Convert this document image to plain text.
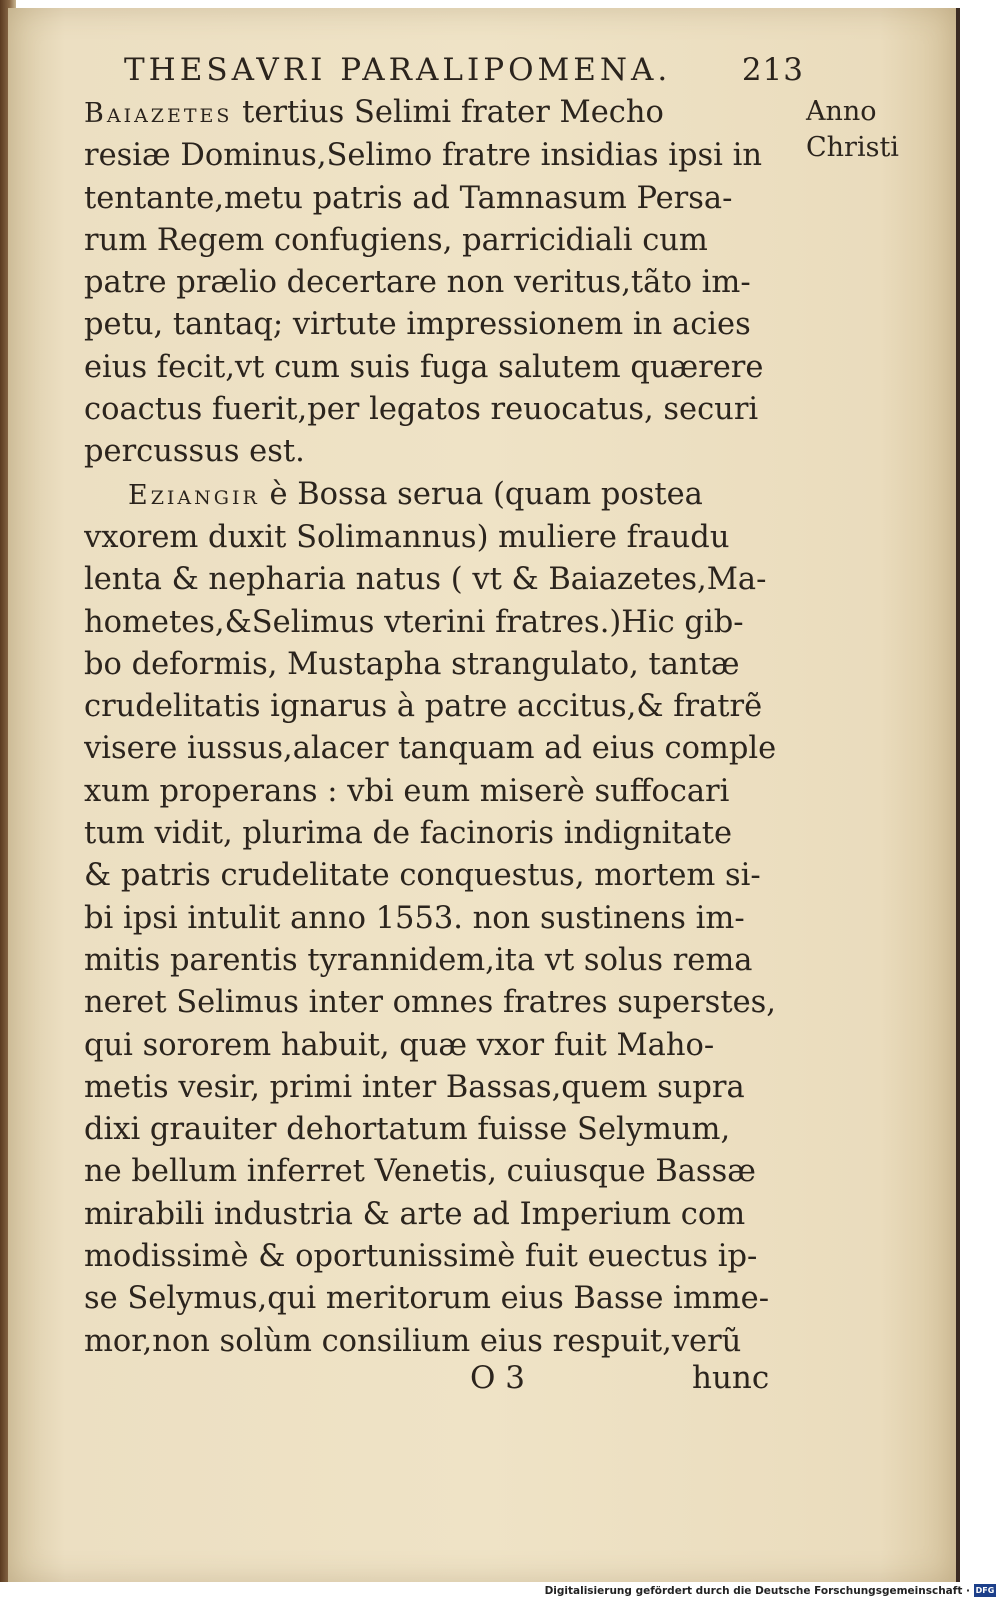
THESAVRI PARALIPOMENA. 213
Anno
Christi
Baiazetes tertius Selimi frater Mecho
resiæ Dominus,Selimo fratre insidias ipsi in
tentante,metu patris ad Tamnasum Persa-
rum Regem confugiens, parricidiali cum
patre prælio decertare non veritus,tãto im-
petu, tantaq; virtute impressionem in acies
eius fecit,vt cum suis fuga salutem quærere
coactus fuerit,per legatos reuocatus, securi
percussus est.
Eziangir è Bossa serua (quam postea
vxorem duxit Solimannus) muliere fraudu
lenta & nepharia natus ( vt & Baiazetes,Ma-
hometes,&Selimus vterini fratres.)Hic gib-
bo deformis, Mustapha strangulato, tantæ
crudelitatis ignarus à patre accitus,& fratrẽ
visere iussus,alacer tanquam ad eius comple
xum properans : vbi eum miserè suffocari
tum vidit, plurima de facinoris indignitate
& patris crudelitate conquestus, mortem si-
bi ipsi intulit anno 1553. non sustinens im-
mitis parentis tyrannidem,ita vt solus rema
neret Selimus inter omnes fratres superstes,
qui sororem habuit, quæ vxor fuit Maho-
metis vesir, primi inter Bassas,quem supra
dixi grauiter dehortatum fuisse Selymum,
ne bellum inferret Venetis, cuiusque Bassæ
mirabili industria & arte ad Imperium com
modissimè & oportunissimè fuit euectus ip-
se Selymus,qui meritorum eius Basse imme-
mor,non solùm consilium eius respuit,verũ
O 3	hunc
Digitalisierung gefördert durch die Deutsche Forschungsgemeinschaft · DFG
